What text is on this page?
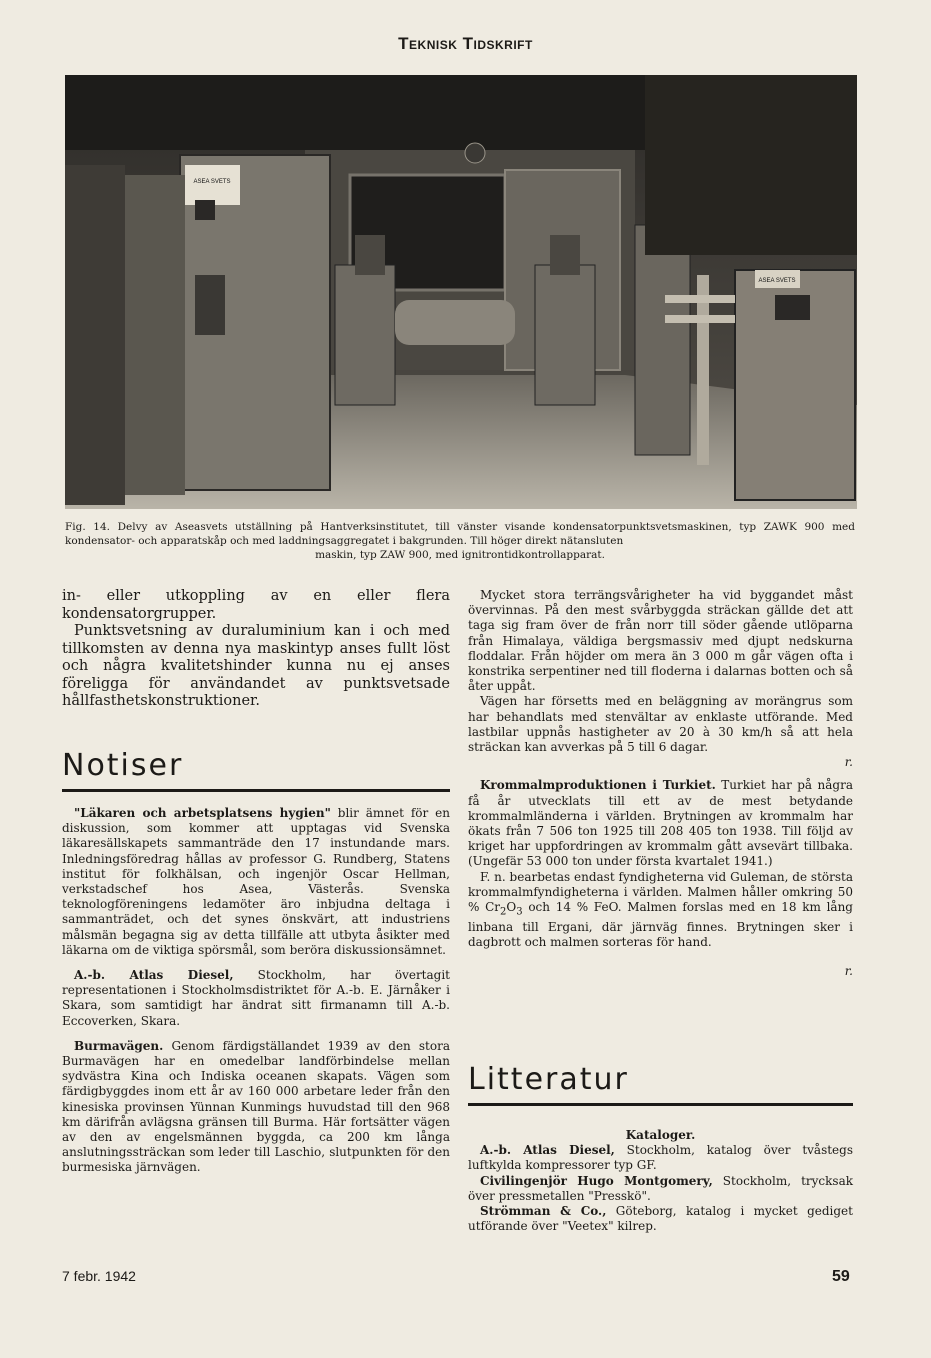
Teknisk Tidskrift
ASEA SVETS
ASEA SVETS
Fig. 14. Delvy av Aseasvets utställning på Hantverksinstitutet, till vänster visande kondensatorpunktsvetsmaskinen, typ ZAWK 900 med kondensator- och apparatskåp och med laddningsaggregatet i bakgrunden. Till höger direkt nätansluten
maskin, typ ZAW 900, med ignitrontidkontrollapparat.

in- eller utkoppling av en eller flera kondensatorgrupper.

Punktsvetsning av duraluminium kan i och med tillkomsten av denna nya maskintyp anses fullt löst och några kvalitetshinder kunna nu ej anses föreligga för användandet av punktsvetsade hållfasthetskonstruktioner.

Notiser

"Läkaren och arbetsplatsens hygien" blir ämnet för en diskussion, som kommer att upptagas vid Svenska läkaresällskapets sammanträde den 17 instundande mars. Inledningsföredrag hållas av professor G. Rundberg, Statens institut för folkhälsan, och ingenjör Oscar Hellman, verkstadschef hos Asea, Västerås. Svenska teknologföreningens ledamöter äro inbjudna deltaga i sammanträdet, och det synes önskvärt, att industriens målsmän begagna sig av detta tillfälle att utbyta åsikter med läkarna om de viktiga spörsmål, som beröra diskussionsämnet.

A.-b. Atlas Diesel, Stockholm, har övertagit representationen i Stockholmsdistriktet för A.-b. E. Järnåker i Skara, som samtidigt har ändrat sitt firmanamn till A.-b. Eccoverken, Skara.

Burmavägen. Genom färdigställandet 1939 av den stora Burmavägen har en omedelbar landförbindelse mellan sydvästra Kina och Indiska oceanen skapats. Vägen som färdigbyggdes inom ett år av 160 000 arbetare leder från den kinesiska provinsen Yünnan Kunmings huvudstad till den 968 km därifrån avlägsna gränsen till Burma. Här fortsätter vägen av den av engelsmännen byggda, ca 200 km långa anslutningssträckan som leder till Laschio, slutpunkten för den burmesiska järnvägen.

Mycket stora terrängsvårigheter ha vid byggandet måst övervinnas. På den mest svårbyggda sträckan gällde det att taga sig fram över de från norr till söder gående utlöparna från Himalaya, väldiga bergsmassiv med djupt nedskurna floddalar. Från höjder om mera än 3 000 m går vägen ofta i konstrika serpentiner ned till floderna i dalarnas botten och så åter uppåt.

Vägen har försetts med en beläggning av morängrus som har behandlats med stenvältar av enklaste utförande. Med lastbilar uppnås hastigheter av 20 à 30 km/h så att hela sträckan kan avverkas på 5 till 6 dagar.

r.

Krommalmproduktionen i Turkiet. Turkiet har på några få år utvecklats till ett av de mest betydande krommalmländerna i världen. Brytningen av krommalm har ökats från 7 506 ton 1925 till 208 405 ton 1938. Till följd av kriget har uppfordringen av krommalm gått avsevärt tillbaka. (Ungefär 53 000 ton under första kvartalet 1941.)

F. n. bearbetas endast fyndigheterna vid Guleman, de största krommalmfyndigheterna i världen. Malmen håller omkring 50 % $Cr_2O_3$ och 14 % FeO. Malmen forslas med en 18 km lång linbana till Ergani, där järnväg finnes. Brytningen sker i dagbrott och malmen sorteras för hand.

r.

Litteratur

Kataloger.

A.-b. Atlas Diesel, Stockholm, katalog över tvåstegs luftkylda kompressorer typ GF.

Civilingenjör Hugo Montgomery, Stockholm, trycksak över pressmetallen "Presskö".

Strömman & Co., Göteborg, katalog i mycket gediget utförande över "Veetex" kilrep.

7 febr. 1942	59
